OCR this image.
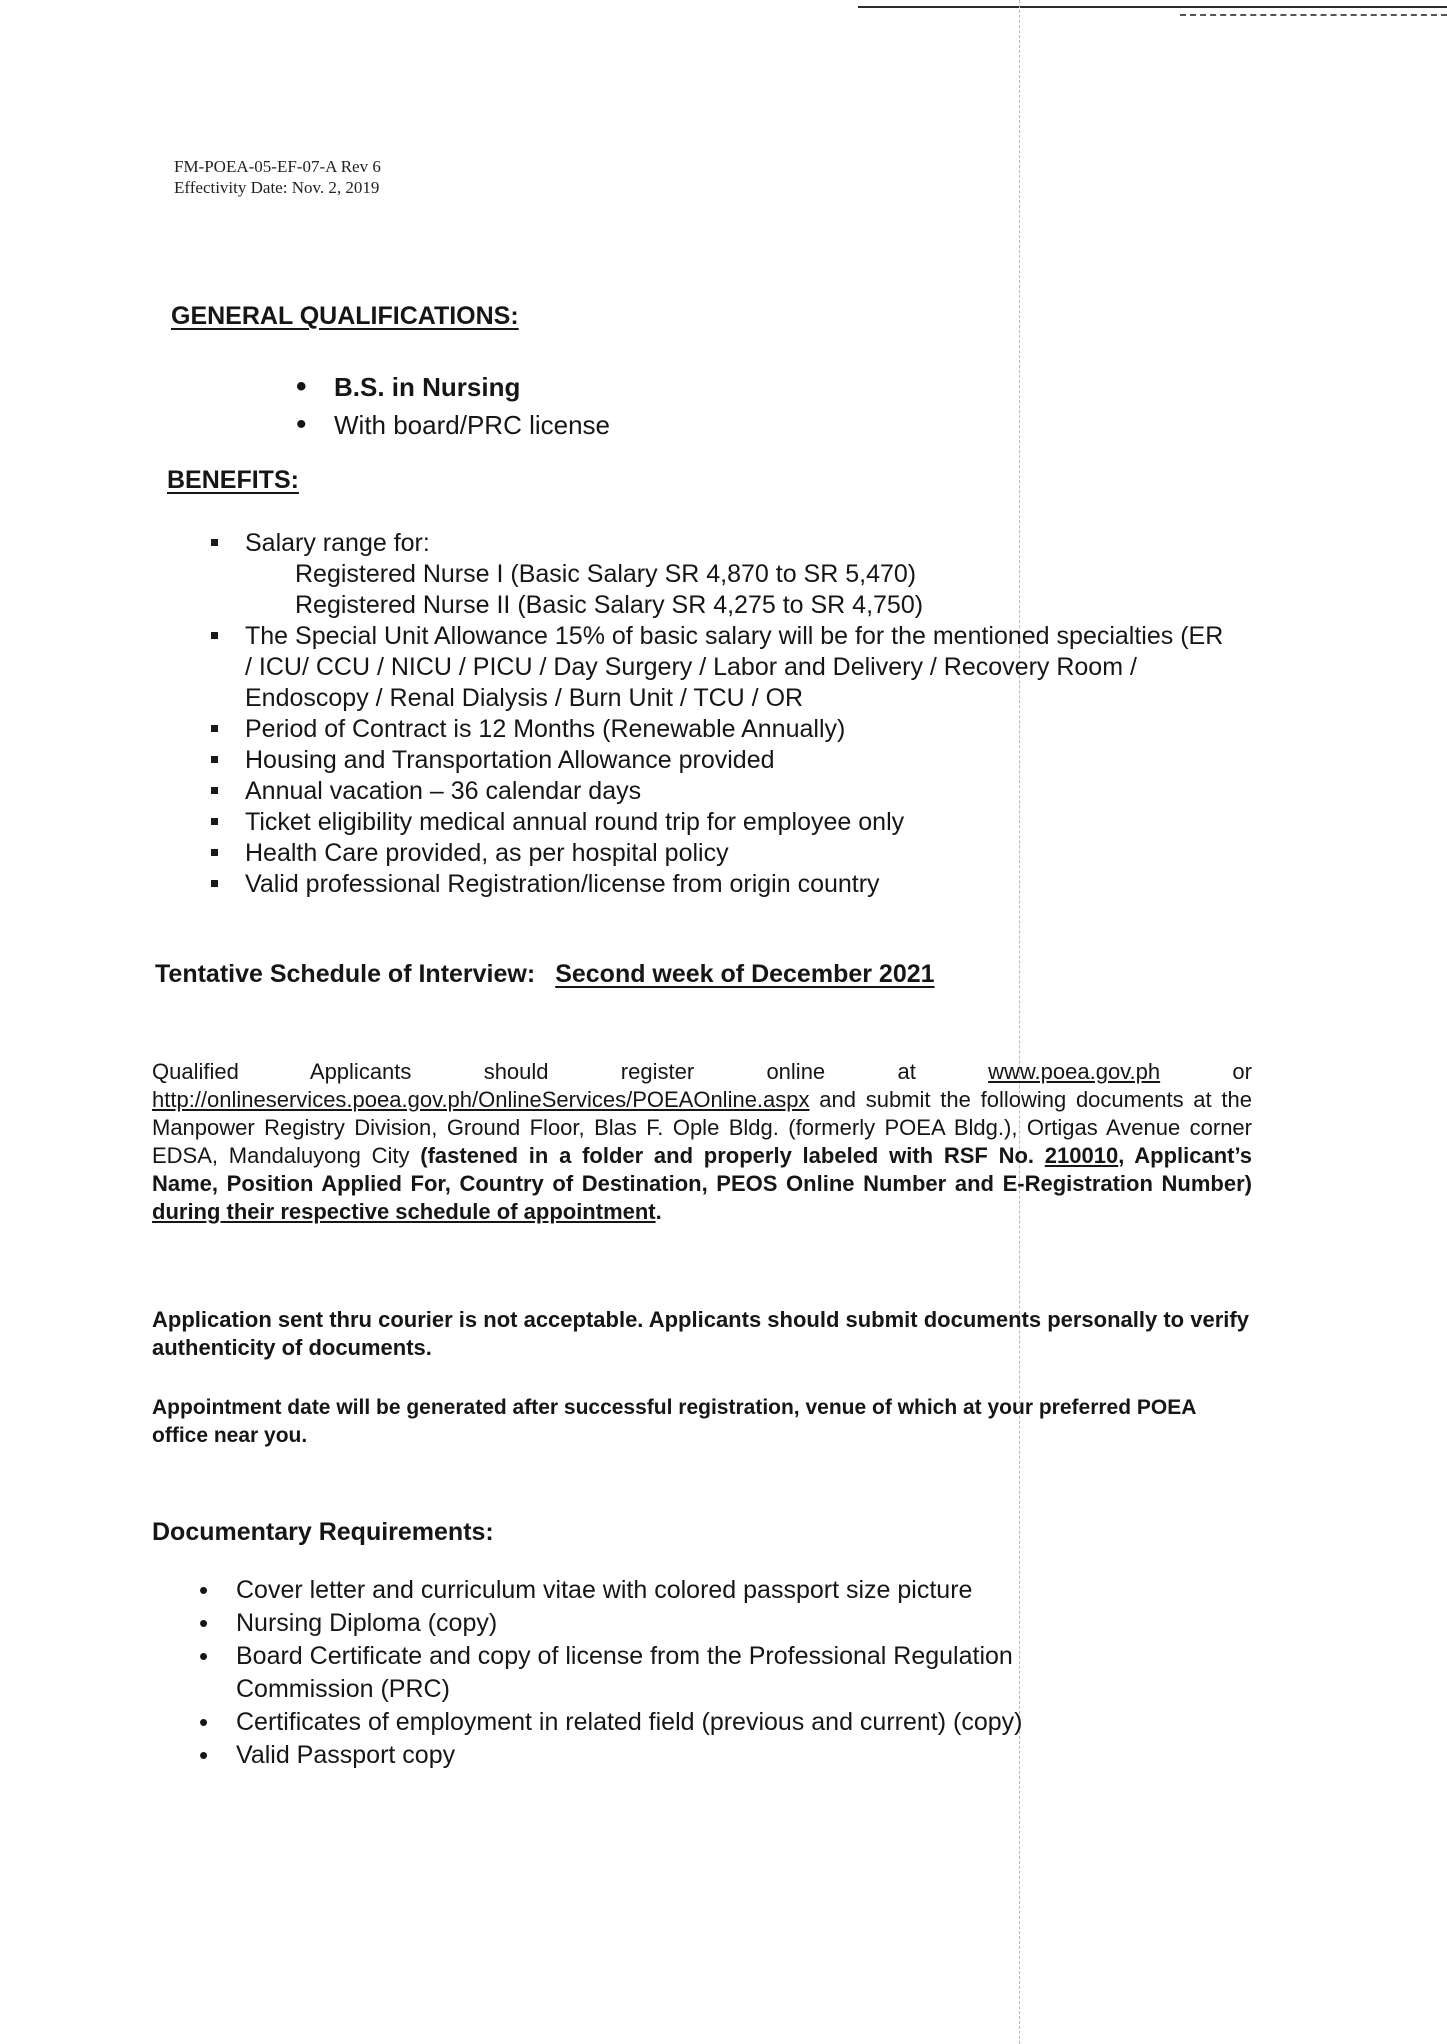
FM-POEA-05-EF-07-A Rev 6
Effectivity Date: Nov. 2, 2019
GENERAL QUALIFICATIONS:
• B.S. in Nursing
• With board/PRC license
BENEFITS:
Salary range for:
Registered Nurse I (Basic Salary SR 4,870 to SR 5,470)
Registered Nurse II (Basic Salary SR 4,275 to SR 4,750)
The Special Unit Allowance 15% of basic salary will be for the mentioned specialties (ER / ICU/ CCU / NICU / PICU / Day Surgery / Labor and Delivery / Recovery Room / Endoscopy / Renal Dialysis / Burn Unit / TCU / OR
Period of Contract is 12 Months (Renewable Annually)
Housing and Transportation Allowance provided
Annual vacation – 36 calendar days
Ticket eligibility medical annual round trip for employee only
Health Care provided, as per hospital policy
Valid professional Registration/license from origin country
Tentative Schedule of Interview: Second week of December 2021
Qualified Applicants should register online at www.poea.gov.ph or http://onlineservices.poea.gov.ph/OnlineServices/POEAOnline.aspx and submit the following documents at the Manpower Registry Division, Ground Floor, Blas F. Ople Bldg. (formerly POEA Bldg.), Ortigas Avenue corner EDSA, Mandaluyong City (fastened in a folder and properly labeled with RSF No. 210010, Applicant’s Name, Position Applied For, Country of Destination, PEOS Online Number and E-Registration Number) during their respective schedule of appointment.
Application sent thru courier is not acceptable. Applicants should submit documents personally to verify authenticity of documents.
Appointment date will be generated after successful registration, venue of which at your preferred POEA office near you.
Documentary Requirements:
• Cover letter and curriculum vitae with colored passport size picture
• Nursing Diploma (copy)
• Board Certificate and copy of license from the Professional Regulation Commission (PRC)
• Certificates of employment in related field (previous and current) (copy)
• Valid Passport copy
